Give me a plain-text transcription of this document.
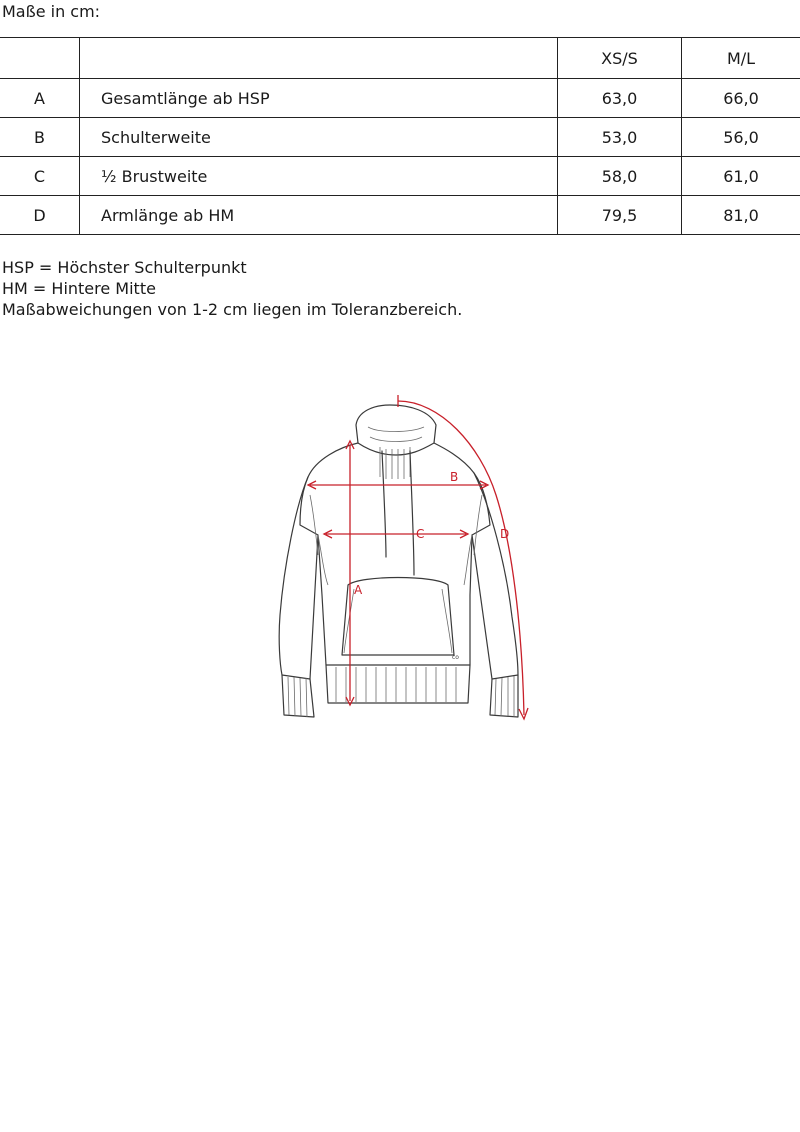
Maße in cm:
		XS/S	M/L
A	Gesamtlänge ab HSP	63,0	66,0
B	Schulterweite	53,0	56,0
C	½ Brustweite	58,0	61,0
D	Armlänge ab HM	79,5	81,0
HSP = Höchster Schulterpunkt
HM = Hintere Mitte
Maßabweichungen von 1-2 cm liegen im Toleranzbereich.
co
A
B
C	D
